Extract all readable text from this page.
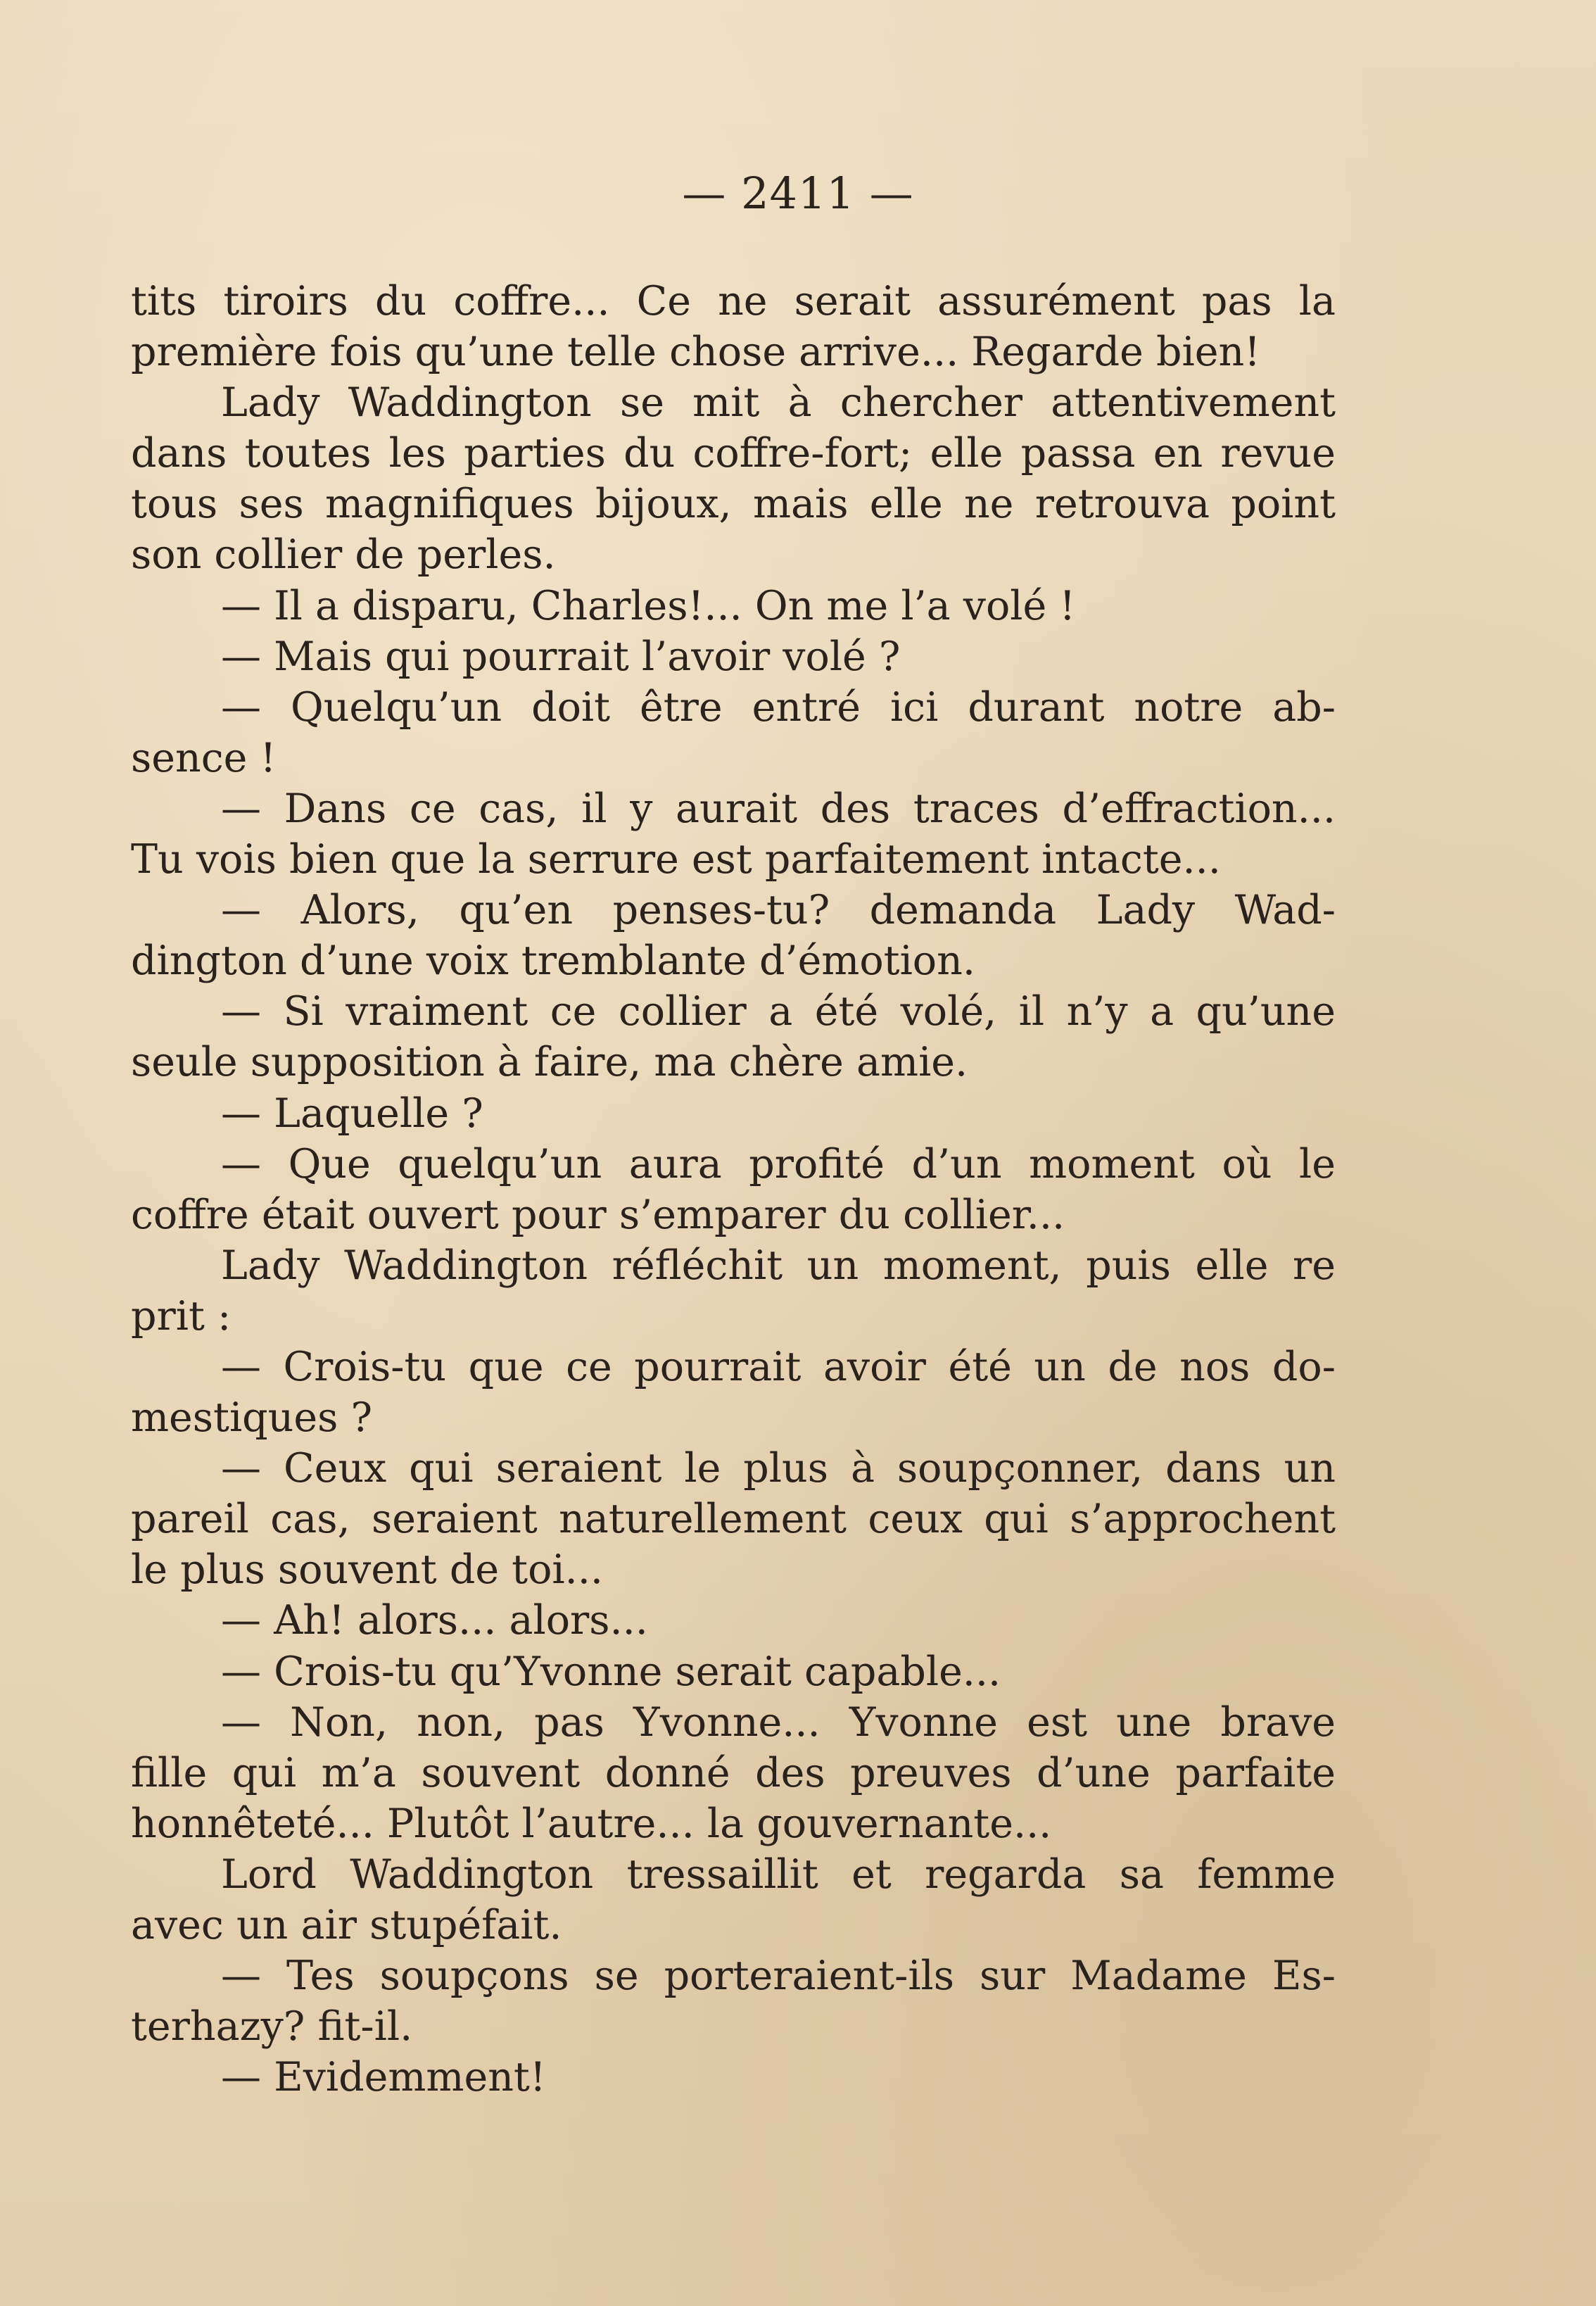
— 2411 —
tits tiroirs du coffre... Ce ne serait assurément pas la
première fois qu’une telle chose arrive... Regarde bien!
Lady Waddington se mit à chercher attentivement
dans toutes les parties du coffre-fort; elle passa en revue
tous ses magnifiques bijoux, mais elle ne retrouva point
son collier de perles.
— Il a disparu, Charles!... On me l’a volé !
— Mais qui pourrait l’avoir volé ?
— Quelqu’un doit être entré ici durant notre ab-
sence !
— Dans ce cas, il y aurait des traces d’effraction...
Tu vois bien que la serrure est parfaitement intacte...
— Alors, qu’en penses-tu? demanda Lady Wad-
dington d’une voix tremblante d’émotion.
— Si vraiment ce collier a été volé, il n’y a qu’une
seule supposition à faire, ma chère amie.
— Laquelle ?
— Que quelqu’un aura profité d’un moment où le
coffre était ouvert pour s’emparer du collier...
Lady Waddington réfléchit un moment, puis elle re
prit :
— Crois-tu que ce pourrait avoir été un de nos do-
mestiques ?
— Ceux qui seraient le plus à soupçonner, dans un
pareil cas, seraient naturellement ceux qui s’approchent
le plus souvent de toi...
— Ah! alors... alors...
— Crois-tu qu’Yvonne serait capable...
— Non, non, pas Yvonne... Yvonne est une brave
fille qui m’a souvent donné des preuves d’une parfaite
honnêteté... Plutôt l’autre... la gouvernante...
Lord Waddington tressaillit et regarda sa femme
avec un air stupéfait.
— Tes soupçons se porteraient-ils sur Madame Es-
terhazy? fit-il.
— Evidemment!
